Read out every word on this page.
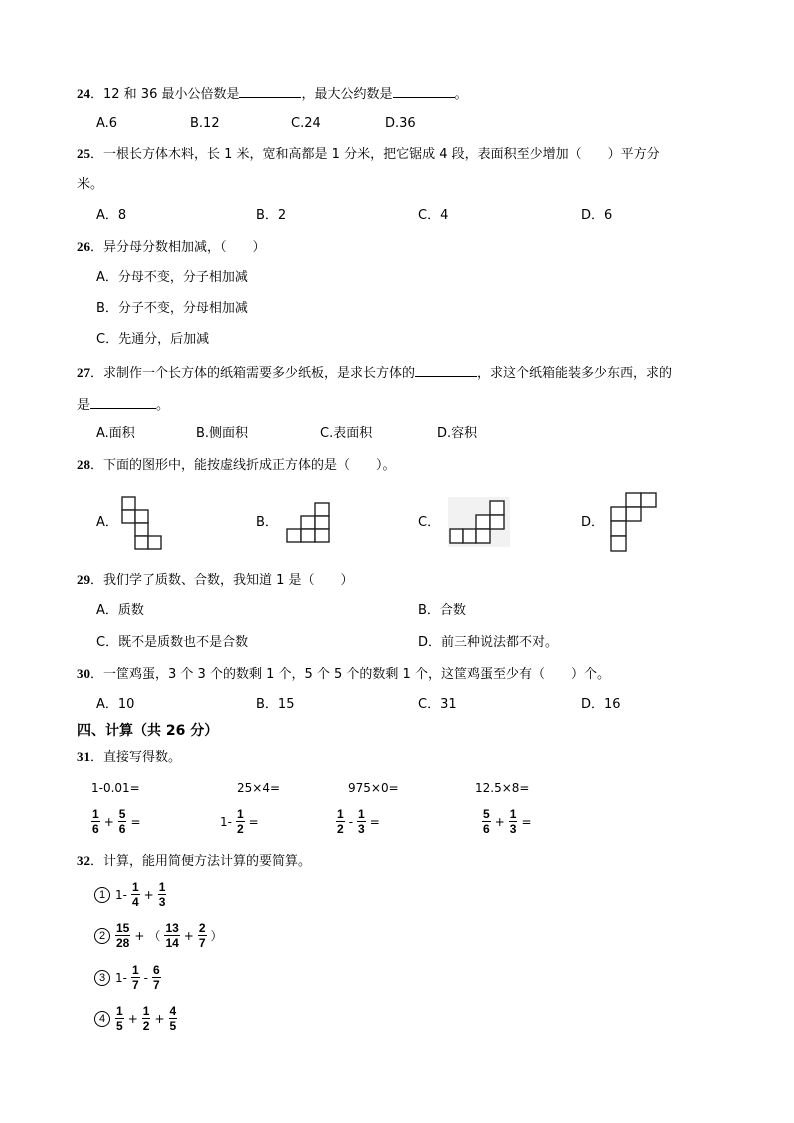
24．12 和 36 最小公倍数是	，最大公约数是	。
A.6	B.12	C.24	D.36
25．一根长方体木料，长 1 米，宽和高都是 1 分米，把它锯成 4 段，表面积至少增加（　　）平方分
米。
A．8	B．2	C．4	D．6
26．异分母分数相加减，（　　）
A．分母不变，分子相加减
B．分子不变，分母相加减
C．先通分，后加减
27．求制作一个长方体的纸箱需要多少纸板，是求长方体的	，求这个纸箱能装多少东西，求的
是	。
A.面积	B.侧面积	C.表面积	D.容积
28．下面的图形中，能按虚线折成正方体的是（　　）。
A．	B．	C．	D．
29．我们学了质数、合数，我知道 1 是（　　）
A．质数	B．合数
C．既不是质数也不是合数	D．前三种说法都不对。
30．一筐鸡蛋，3 个 3 个的数剩 1 个，5 个 5 个的数剩 1 个，这筐鸡蛋至少有（　　）个。
A．10	B．15	C．31	D．16
四、计算（共 26 分）
31．直接写得数。
1-0.01=	25×4=	975×0=	12.5×8=
$\frac{1}{6} + \frac{5}{6}$ =	$1- \frac{1}{2}$ =	$\frac{1}{2} - \frac{1}{3}$ =	$\frac{5}{6} + \frac{1}{3}$ =
32．计算，能用简便方法计算的要简算。
1 $1- \frac{1}{4} + \frac{1}{3}$
$2 \frac{15}{28}$ + （ $\frac{13}{14} + \frac{2}{7}$ ）
3 $1- \frac{1}{7} - \frac{6}{7}$
$4 \frac{1}{5} + \frac{1}{2} + \frac{4}{5}$
